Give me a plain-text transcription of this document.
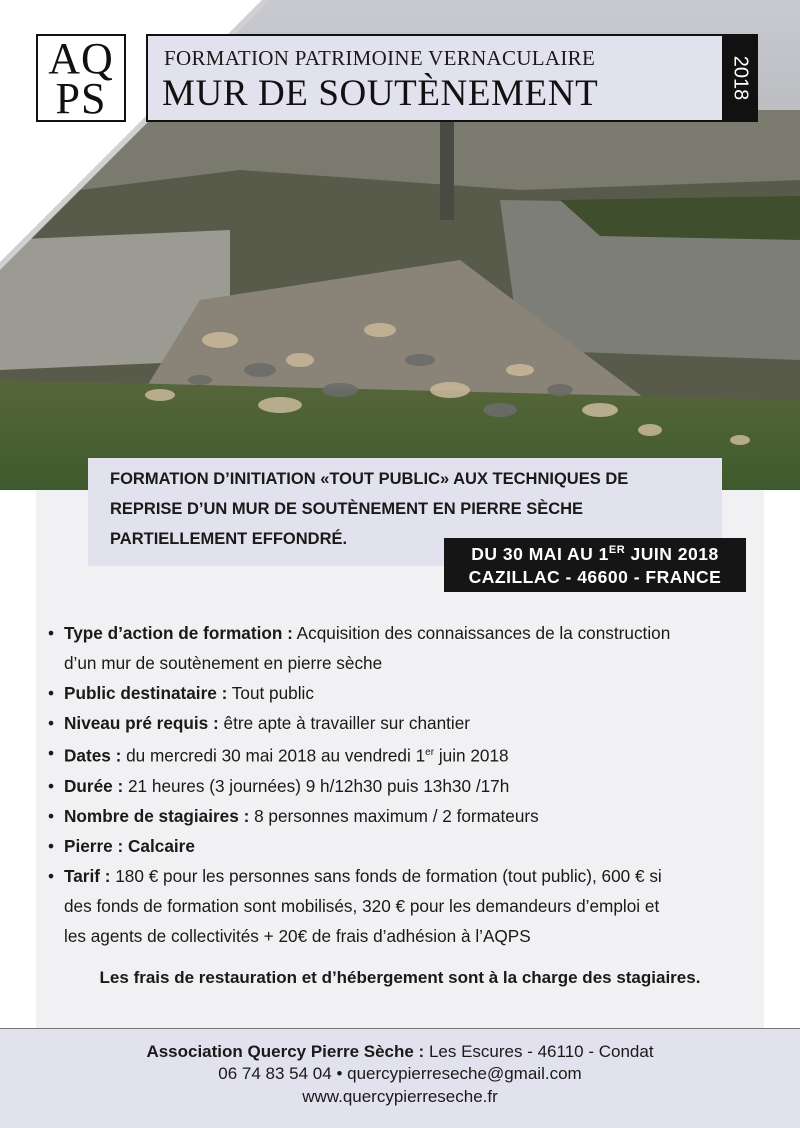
AQ
PS
FORMATION PATRIMOINE VERNACULAIRE
MUR DE SOUTÈNEMENT	2018
FORMATION D’INITIATION «TOUT PUBLIC» AUX TECHNIQUES DE
REPRISE D’UN MUR DE SOUTÈNEMENT EN PIERRE SÈCHE
PARTIELLEMENT EFFONDRÉ.
DU 30 MAI AU 1ER JUIN 2018
CAZILLAC - 46600 - FRANCE
• Type d’action de formation : Acquisition des connaissances de la construction
d’un mur de soutènement en pierre sèche
• Public destinataire : Tout public
• Niveau pré requis : être apte à travailler sur chantier
• Dates : du mercredi 30 mai 2018 au vendredi 1er juin 2018
• Durée : 21 heures (3 journées) 9 h/12h30 puis 13h30 /17h
• Nombre de stagiaires : 8 personnes maximum / 2 formateurs
• Pierre : Calcaire
• Tarif : 180 € pour les personnes sans fonds de formation (tout public), 600 € si
des fonds de formation sont mobilisés, 320 € pour les demandeurs d’emploi et
les agents de collectivités + 20€ de frais d’adhésion à l’AQPS
Les frais de restauration et d’hébergement sont à la charge des stagiaires.
Association Quercy Pierre Sèche : Les Escures - 46110 - Condat
06 74 83 54 04 • quercypierreseche@gmail.com
www.quercypierreseche.fr
